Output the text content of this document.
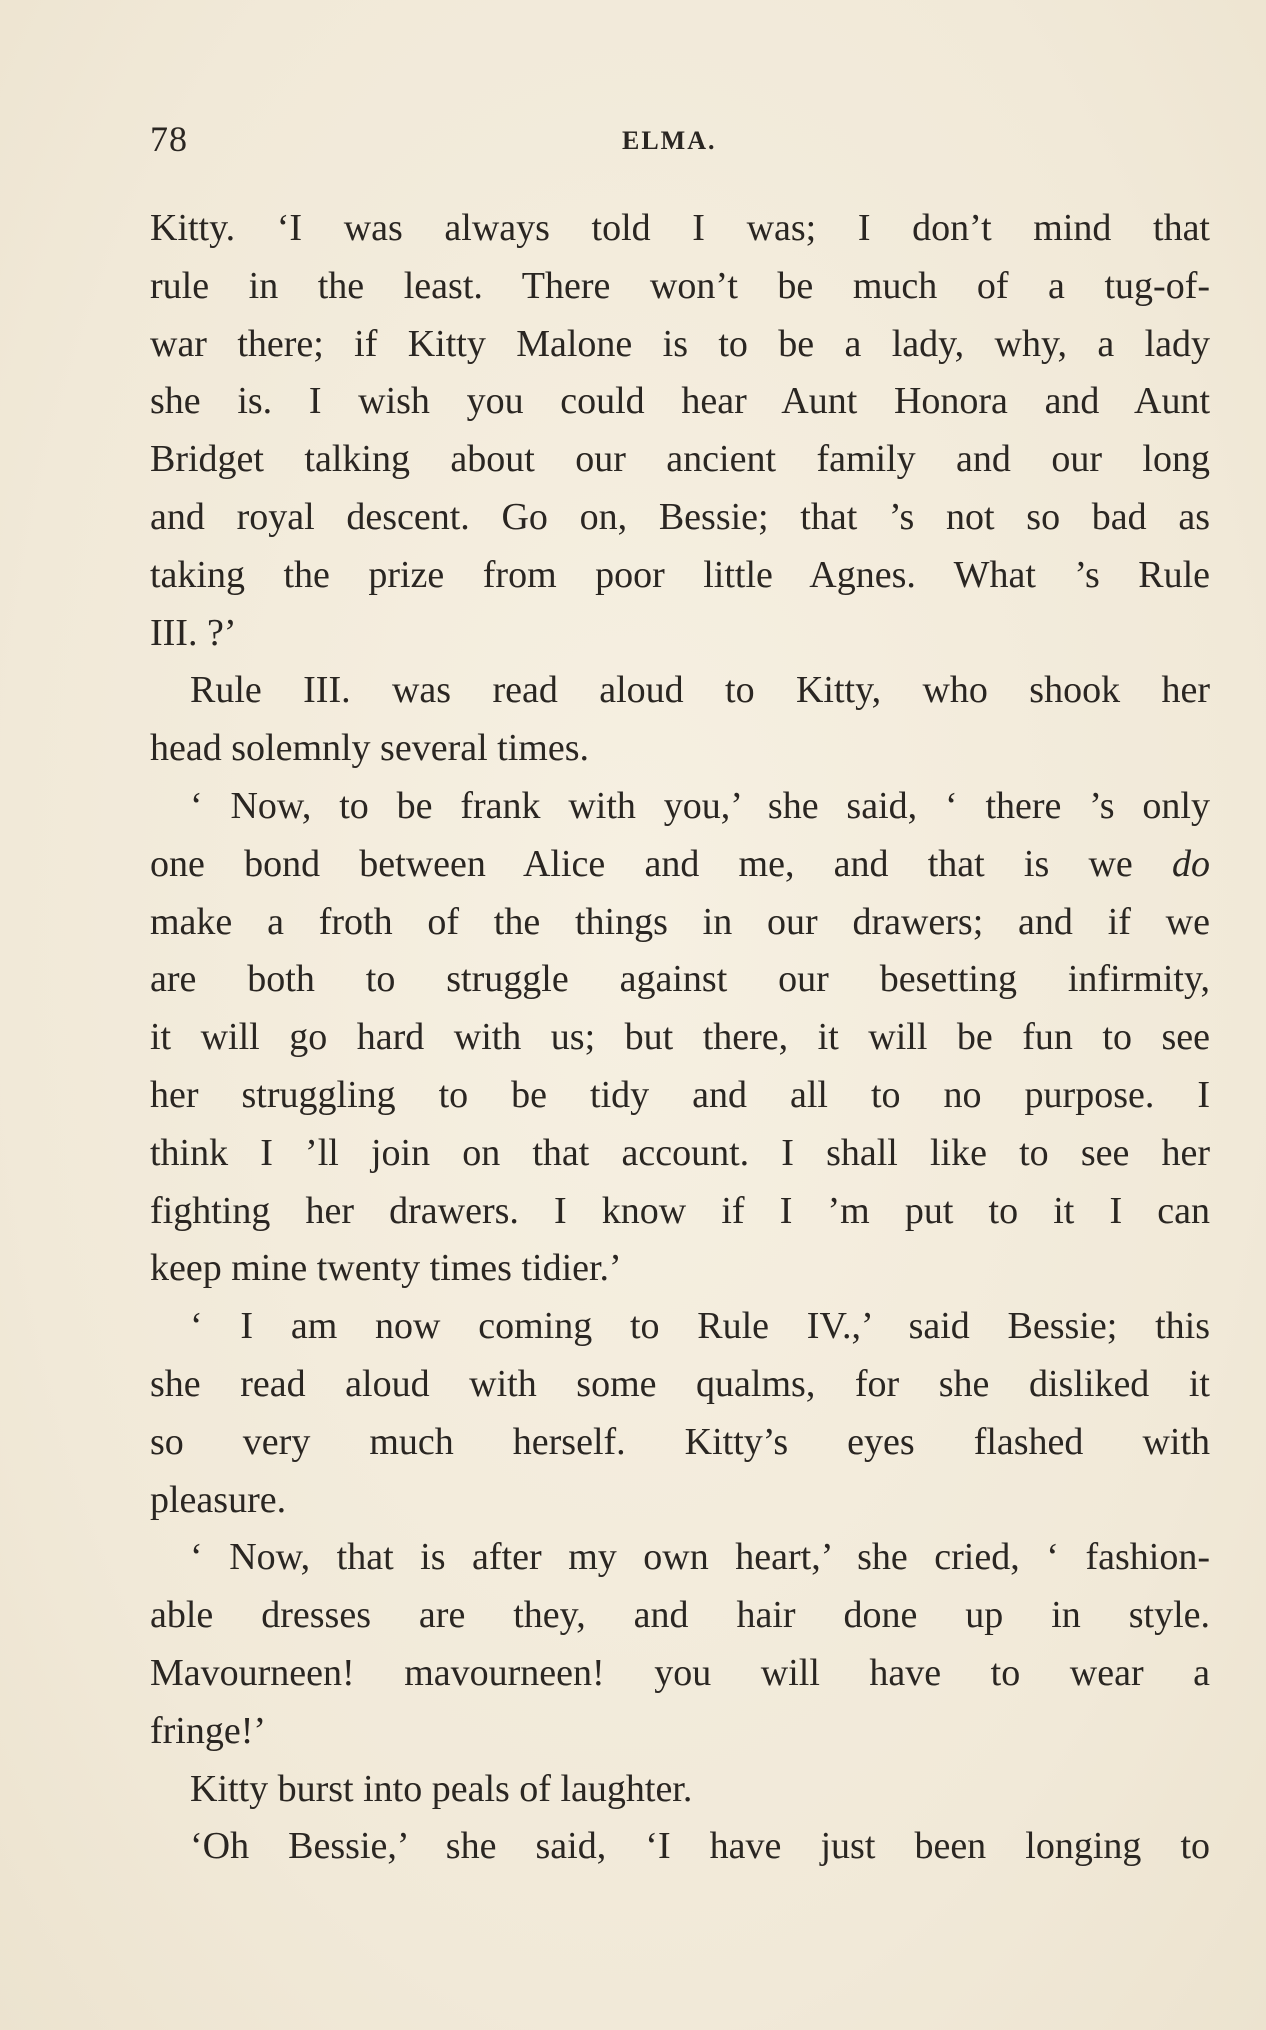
78	ELMA.
Kitty. ‘I was always told I was; I don’t mind that
rule in the least. There won’t be much of a tug-of-
war there; if Kitty Malone is to be a lady, why, a lady
she is. I wish you could hear Aunt Honora and Aunt
Bridget talking about our ancient family and our long
and royal descent. Go on, Bessie; that ’s not so bad as
taking the prize from poor little Agnes. What ’s Rule
III. ?’
Rule III. was read aloud to Kitty, who shook her
head solemnly several times.
‘ Now, to be frank with you,’ she said, ‘ there ’s only
one bond between Alice and me, and that is we do
make a froth of the things in our drawers; and if we
are both to struggle against our besetting infirmity,
it will go hard with us; but there, it will be fun to see
her struggling to be tidy and all to no purpose. I
think I ’ll join on that account. I shall like to see her
fighting her drawers. I know if I ’m put to it I can
keep mine twenty times tidier.’
‘ I am now coming to Rule IV.,’ said Bessie; this
she read aloud with some qualms, for she disliked it
so very much herself. Kitty’s eyes flashed with
pleasure.
‘ Now, that is after my own heart,’ she cried, ‘ fashion-
able dresses are they, and hair done up in style.
Mavourneen! mavourneen! you will have to wear a
fringe!’
Kitty burst into peals of laughter.
‘Oh Bessie,’ she said, ‘I have just been longing to
